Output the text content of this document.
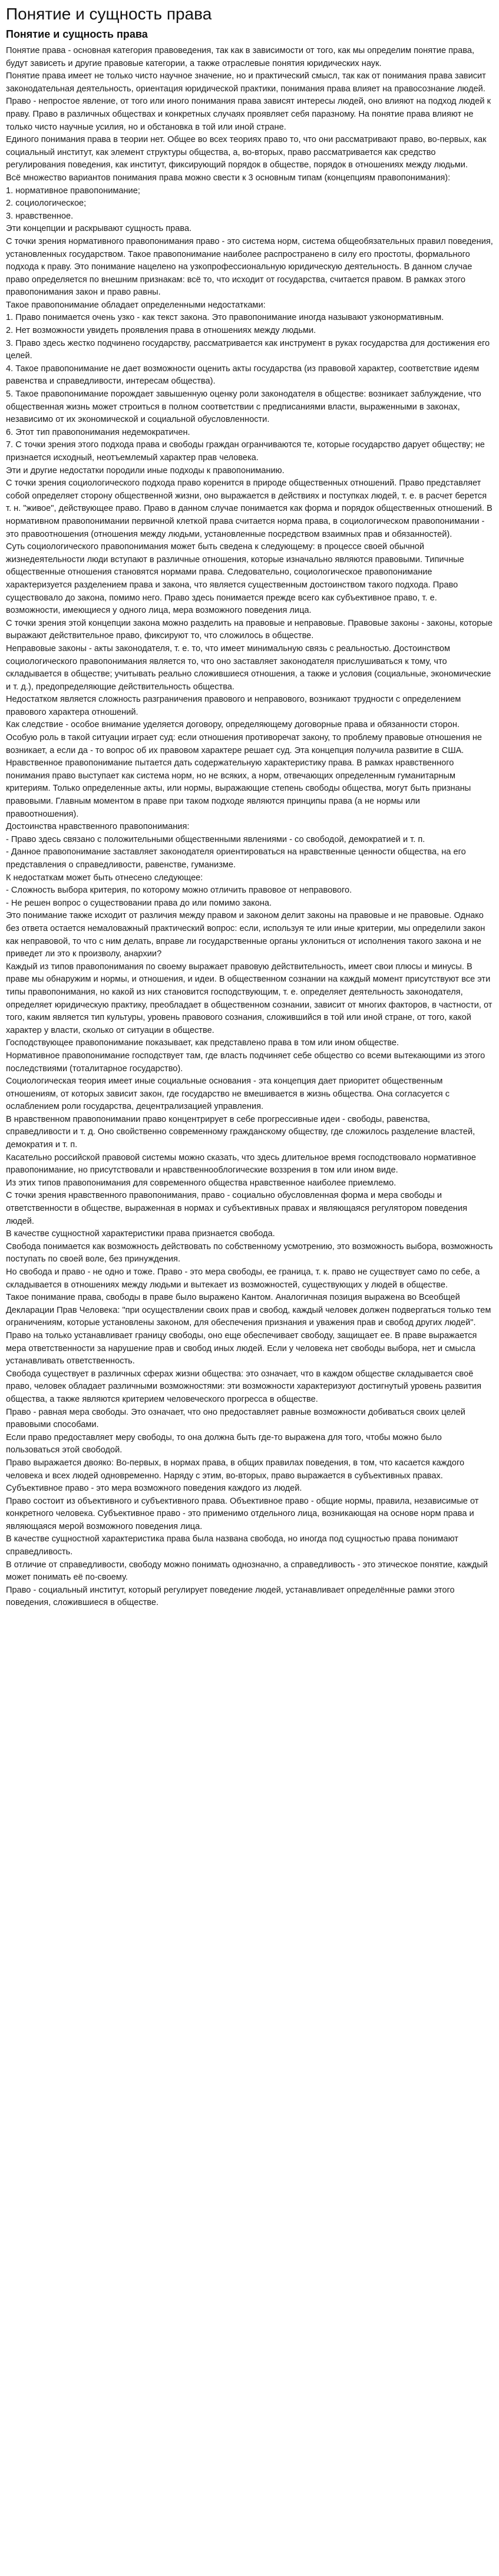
Понятие и сущность права
Понятие и сущность права

Понятие права - основная категория правоведения, так как в зависимости от того, как мы определим понятие права, будут зависеть и другие правовые категории, а также отраслевые понятия юридических наук.

Понятие права имеет не только чисто научное значение, но и практический смысл, так как от понимания права зависит законодательная деятельность, ориентация юридической практики, понимания права влияет на правосознание людей.

Право - непростое явление, от того или иного понимания права зависят интересы людей, оно влияют на подход людей к праву. Право в различных обществах и конкретных случаях проявляет себя паразному. На понятие права влияют не только чисто научные усилия, но и обстановка в той или иной стране.

Единого понимания права в теории нет. Общее во всех теориях право то, что они рассматривают право, во-первых, как социальный институт, как элемент структуры общества, а, во-вторых, право рассматривается как средство регулирования поведения, как институт, фиксирующий порядок в обществе, порядок в отношениях между людьми.

Всё множество вариантов понимания права можно свести к 3 основным типам (концепциям правопонимания):

1. нормативное правопонимание;

2. социологическое;

3. нравственное.

Эти концепции и раскрывают сущность права.

С точки зрения нормативного правопонимания право - это система норм, система общеобязательных правил поведения, установленных государством. Такое правопонимание наиболее распространено в силу его простоты, формального подхода к праву. Это понимание нацелено на узкопрофессиональную юридическую деятельность. В данном случае право определяется по внешним признакам: всё то, что исходит от государства, считается правом. В рамках этого правопонимания закон и право равны.

Такое правопонимание обладает определенными недостатками:

1. Право понимается очень узко - как текст закона. Это правопонимание иногда называют узконормативным.

2. Нет возможности увидеть проявления права в отношениях между людьми.

3. Право здесь жестко подчинено государству, рассматривается как инструмент в руках государства для достижения его целей.

4. Такое правопонимание не дает возможности оценить акты государства (из правовой характер, соответствие идеям равенства и справедливости, интересам общества).

5. Такое правопонимание порождает завышенную оценку роли законодателя в обществе: возникает заблуждение, что общественная жизнь может строиться в полном соответствии с предписаниями власти, выраженными в законах, независимо от их экономической и социальной обусловленности.

6. Этот тип правопонимания недемократичен.

7. С точки зрения этого подхода права и свободы граждан огранчиваются те, которые государство дарует обществу; не признается исходный, неотъемлемый характер прав человека.

Эти и другие недостатки породили иные подходы к правопониманию.

С точки зрения социологического подхода право коренится в природе общественных отношений. Право представляет собой определяет сторону общественной жизни, оно выражается в действиях и поступках людей, т. е. в расчет берется т. н. "живое", действующее право. Право в данном случае понимается как форма и порядок общественных отношений. В нормативном правопонимании первичной клеткой права считается норма права, в социологическом правопонимании - это правоотношения (отношения между людьми, установленные посредством взаимных прав и обязанностей).

Суть социологического правопонимания может быть сведена к следующему: в процессе своей обычной жизнедеятельности люди вступают в различные отношения, которые изначально являются правовыми. Типичные общественные отношения становятся нормами права. Следовательно, социологическое правопонимание характеризуется разделением права и закона, что является существенным достоинством такого подхода. Право существовало до закона, помимо него. Право здесь понимается прежде всего как субъективное право, т. е. возможности, имеющиеся у одного лица, мера возможного поведения лица.

С точки зрения этой концепции закона можно разделить на правовые и неправовые. Правовые законы - законы, которые выражают действительное право, фиксируют то, что сложилось в обществе.

Неправовые законы - акты законодателя, т. е. то, что имеет минимальную связь с реальностью. Достоинством социологического правопонимания является то, что оно заставляет законодателя прислушиваться к тому, что складывается в обществе; учитывать реально сложившиеся отношения, а также и условия (социальные, экономические и т. д.), предопределяющие действительность общества.

Недостатком является сложность разграничения правового и неправового, возникают трудности с определением правового характера отношений.

Как следствие - особое внимание уделяется договору, определяющему договорные права и обязанности сторон. Особую роль в такой ситуации играет суд: если отношения противоречат закону, то проблему правовые отношения не возникает, а если да - то вопрос об их правовом характере решает суд. Эта концепция получила развитие в США.

Нравственное правопонимание пытается дать содержательную характеристику права. В рамках нравственного понимания право выступает как система норм, но не всяких, а норм, отвечающих определенным гуманитарным критериям. Только определенные акты, или нормы, выражающие степень свободы общества, могут быть признаны правовыми. Главным моментом в праве при таком подходе являются принципы права (а не нормы или правоотношения).

Достоинства нравственного правопонимания:

- Право здесь связано с положительными общественными явлениями - со свободой, демократией и т. п.

- Данное правопонимание заставляет законодателя ориентироваться на нравственные ценности общества, на его представления о справедливости, равенстве, гуманизме.

К недостаткам может быть отнесено следующее:

- Сложность выбора критерия, по которому можно отличить правовое от неправового.

- Не решен вопрос о существовании права до или помимо закона.

Это понимание также исходит от различия между правом и законом делит законы на правовые и не правовые. Однако без ответа остается немаловажный практический вопрос: если, используя те или иные критерии, мы определили закон как неправовой, то что с ним делать, вправе ли государственные органы уклониться от исполнения такого закона и не приведет ли это к произволу, анархии?

Каждый из типов правопонимания по своему выражает правовую действительность, имеет свои плюсы и минусы. В праве мы обнаружим и нормы, и отношения, и идеи. В общественном сознании на каждый момент присутствуют все эти типы правопонимания, но какой из них становится господствующим, т. е. определяет деятельность законодателя, определяет юридическую практику, преобладает в общественном сознании, зависит от многих факторов, в частности, от того, каким является тип культуры, уровень правового сознания, сложившийся в той или иной стране, от того, какой характер у власти, сколько от ситуации в обществе.

Господствующее правопонимание показывает, как представлено права в том или ином обществе.

Нормативное правопонимание господствует там, где власть подчиняет себе общество со всеми вытекающими из этого последствиями (тоталитарное государство).

Социологическая теория имеет иные социальные основания - эта концепция дает приоритет общественным отношениям, от которых зависит закон, где государство не вмешивается в жизнь общества. Она согласуется с ослаблением роли государства, децентрализацией управления.

В нравственном правопонимании право концентрирует в себе прогрессивные идеи - свободы, равенства, справедливости и т. д. Оно свойственно современному гражданскому обществу, где сложилось разделение властей, демократия и т. п.

Касательно российской правовой системы можно сказать, что здесь длительное время господствовало нормативное правопонимание, но присутствовали и нравственнооблогические воззрения в том или ином виде.

Из этих типов правопонимания для современного общества нравственное наиболее приемлемо.

С точки зрения нравственного правопонимания, право - социально обусловленная форма и мера свободы и ответственности в обществе, выраженная в нормах и субъективных правах и являющаяся регулятором поведения людей.

В качестве сущностной характеристики права признается свобода.

Свобода понимается как возможность действовать по собственному усмотрению, это возможность выбора, возможность поступать по своей воле, без принуждения.

Но свобода и право - не одно и тоже. Право - это мера свободы, ее граница, т. к. право не существует само по себе, а складывается в отношениях между людьми и вытекает из возможностей, существующих у людей в обществе.

Такое понимание права, свободы в праве было выражено Кантом. Аналогичная позиция выражена во Всеобщей Декларации Прав Человека: "при осуществлении своих прав и свобод, каждый человек должен подвергаться только тем ограничениям, которые установлены законом, для обеспечения признания и уважения прав и свобод других людей". Право на только устанавливает границу свободы, оно еще обеспечивает свободу, защищает ее. В праве выражается мера ответственности за нарушение прав и свобод иных людей. Если у человека нет свободы выбора, нет и смысла устанавливать ответственность.

Свобода существует в различных сферах жизни общества: это означает, что в каждом обществе складывается своё право, человек обладает различными возможностями: эти возможности характеризуют достигнутый уровень развития общества, а также являются критерием человеческого прогресса в обществе.

Право - равная мера свободы. Это означает, что оно предоставляет равные возможности добиваться своих целей правовыми способами.

Если право предоставляет меру свободы, то она должна быть где-то выражена для того, чтобы можно было пользоваться этой свободой.

Право выражается двояко: Во-первых, в нормах права, в общих правилах поведения, в том, что касается каждого человека и всех людей одновременно. Наряду с этим, во-вторых, право выражается в субъективных правах. Субъективное право - это мера возможного поведения каждого из людей.

Право состоит из объективного и субъективного права. Объективное право - общие нормы, правила, независимые от конкретного человека. Субъективное право - это применимо отдельного лица, возникающая на основе норм права и являющаяся мерой возможного поведения лица.

В качестве сущностной характеристика права была названа свобода, но иногда под сущностью права понимают справедливость.

В отличие от справедливости, свободу можно понимать однозначно, а справедливость - это этическое понятие, каждый может понимать её по-своему.

Право - социальный институт, который регулирует поведение людей, устанавливает определённые рамки этого поведения, сложившиеся в обществе.
